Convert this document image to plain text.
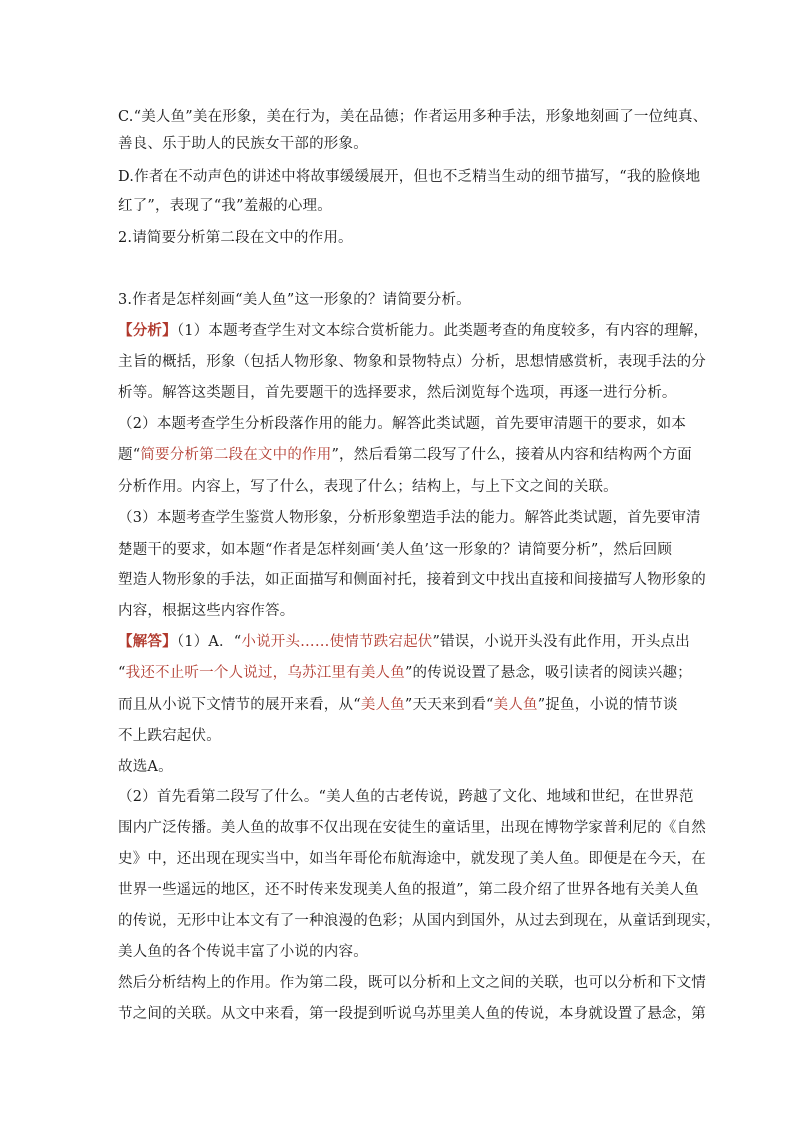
C.“美人鱼”美在形象，美在行为，美在品德；作者运用多种手法，形象地刻画了一位纯真、
善良、乐于助人的民族女干部的形象。
D.作者在不动声色的讲述中将故事缓缓展开，但也不乏精当生动的细节描写，“我的脸倏地
红了”，表现了“我”羞赧的心理。
2.请简要分析第二段在文中的作用。
3.作者是怎样刻画“美人鱼”这一形象的？请简要分析。
【分析】（1）本题考查学生对文本综合赏析能力。此类题考查的角度较多，有内容的理解，
主旨的概括，形象（包括人物形象、物象和景物特点）分析，思想情感赏析，表现手法的分
析等。解答这类题目，首先要题干的选择要求，然后浏览每个选项，再逐一进行分析。
（2）本题考查学生分析段落作用的能力。解答此类试题，首先要审清题干的要求，如本
题“简要分析第二段在文中的作用”，然后看第二段写了什么，接着从内容和结构两个方面
分析作用。内容上，写了什么，表现了什么；结构上，与上下文之间的关联。
（3）本题考查学生鉴赏人物形象，分析形象塑造手法的能力。解答此类试题，首先要审清
楚题干的要求，如本题“作者是怎样刻画‘美人鱼’这一形象的？请简要分析”，然后回顾
塑造人物形象的手法，如正面描写和侧面衬托，接着到文中找出直接和间接描写人物形象的
内容，根据这些内容作答。
【解答】（1）A．“小说开头……使情节跌宕起伏”错误，小说开头没有此作用，开头点出
“我还不止听一个人说过，乌苏江里有美人鱼”的传说设置了悬念，吸引读者的阅读兴趣；
而且从小说下文情节的展开来看，从“美人鱼”天天来到看“美人鱼”捉鱼，小说的情节谈
不上跌宕起伏。
故选A。
（2）首先看第二段写了什么。“美人鱼的古老传说，跨越了文化、地域和世纪，在世界范
围内广泛传播。美人鱼的故事不仅出现在安徒生的童话里，出现在博物学家普利尼的《自然
史》中，还出现在现实当中，如当年哥伦布航海途中，就发现了美人鱼。即便是在今天，在
世界一些遥远的地区，还不时传来发现美人鱼的报道”，第二段介绍了世界各地有关美人鱼
的传说，无形中让本文有了一种浪漫的色彩；从国内到国外，从过去到现在，从童话到现实，
美人鱼的各个传说丰富了小说的内容。
然后分析结构上的作用。作为第二段，既可以分析和上文之间的关联，也可以分析和下文情
节之间的关联。从文中来看，第一段提到听说乌苏里美人鱼的传说，本身就设置了悬念，第
